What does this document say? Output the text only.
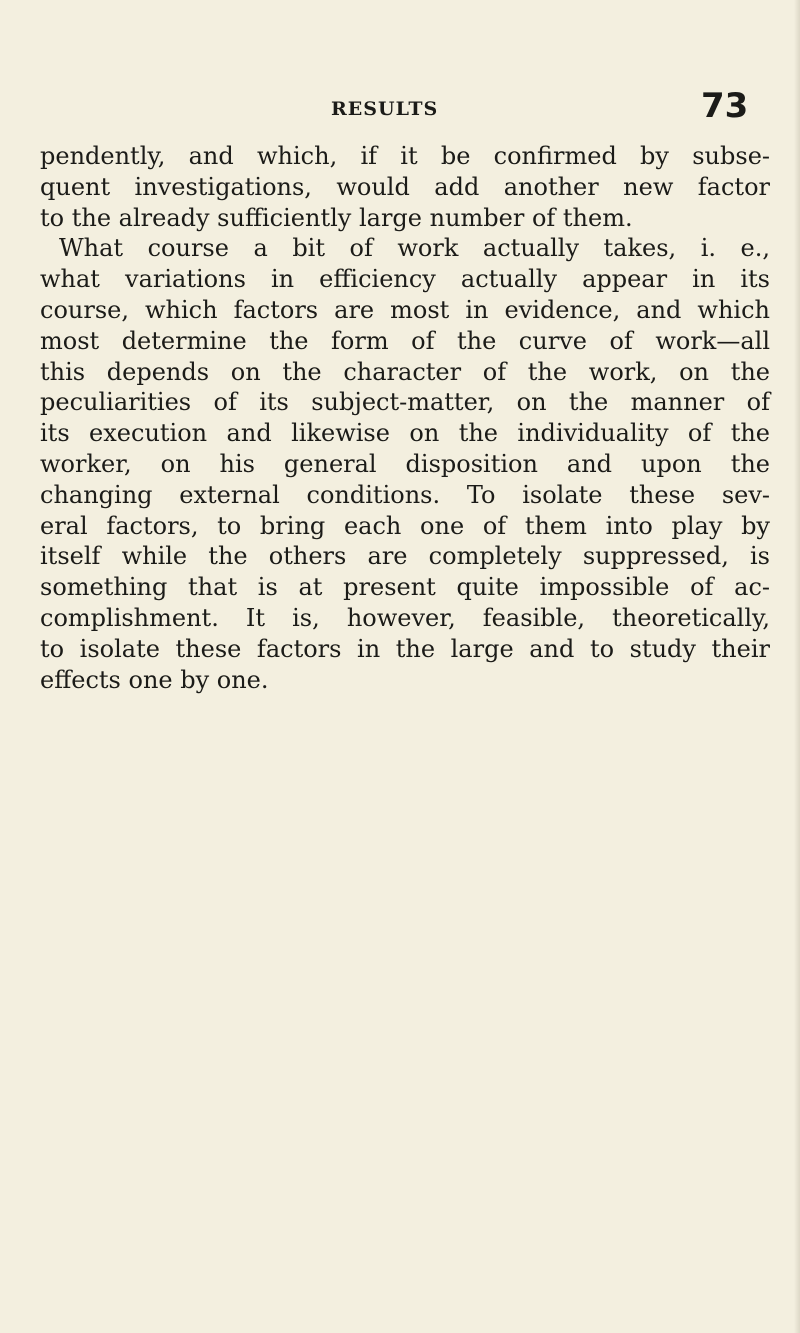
RESULTS	73
pendently, and which, if it be confirmed by subse-
quent investigations, would add another new factor
to the already sufficiently large number of them.
What course a bit of work actually takes, i. e.,
what variations in efficiency actually appear in its
course, which factors are most in evidence, and which
most determine the form of the curve of work—all
this depends on the character of the work, on the
peculiarities of its subject-matter, on the manner of
its execution and likewise on the individuality of the
worker, on his general disposition and upon the
changing external conditions. To isolate these sev-
eral factors, to bring each one of them into play by
itself while the others are completely suppressed, is
something that is at present quite impossible of ac-
complishment. It is, however, feasible, theoretically,
to isolate these factors in the large and to study their
effects one by one.
